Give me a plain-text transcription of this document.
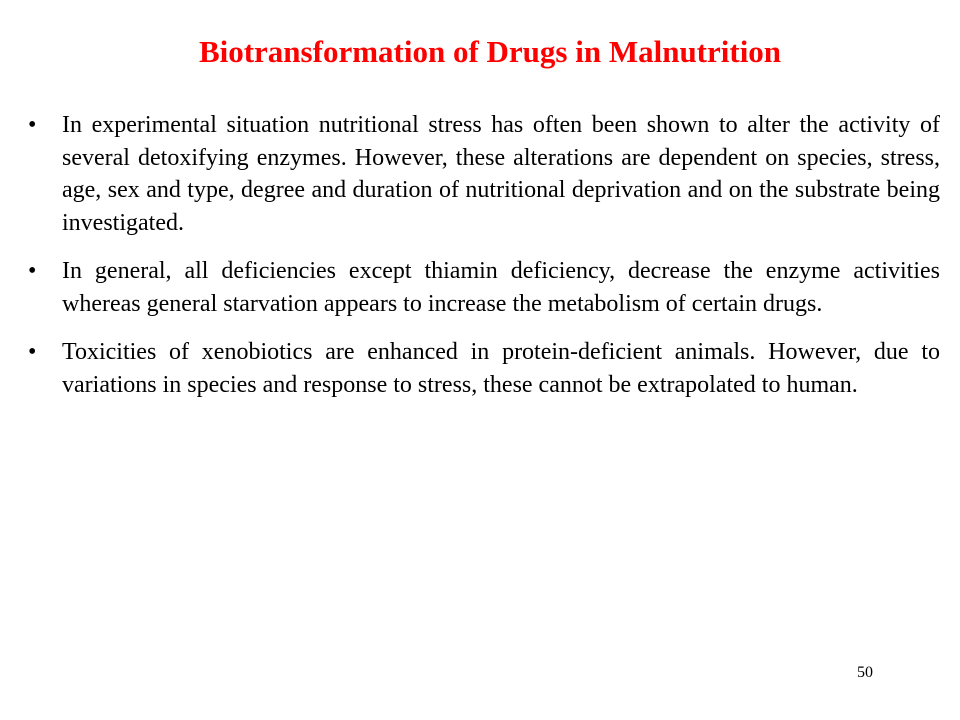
Biotransformation of Drugs in Malnutrition
•	In experimental situation nutritional stress has often been shown to alter the activity of several detoxifying enzymes. However, these alterations are dependent on species, stress, age, sex and type, degree and duration of nutritional deprivation and on the substrate being investigated.
•	In general, all deficiencies except thiamin deficiency, decrease the enzyme activities whereas general starvation appears to increase the metabolism of certain drugs.
•	Toxicities of xenobiotics are enhanced in protein-deficient animals. However, due to variations in species and response to stress, these cannot be extrapolated to human.
50
